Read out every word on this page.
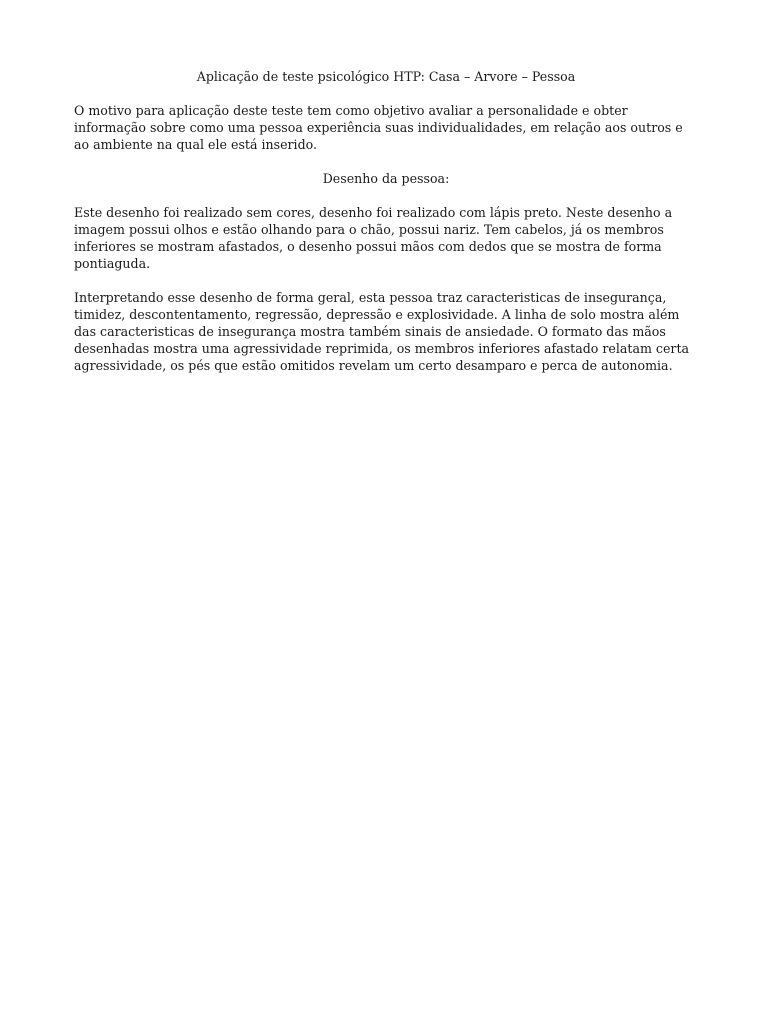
Aplicação de teste psicológico HTP: Casa – Arvore – Pessoa

O motivo para aplicação deste teste tem como objetivo avaliar a personalidade e obter informação sobre como uma pessoa experiência suas individualidades, em relação aos outros e ao ambiente na qual ele está inserido.

Desenho da pessoa:

Este desenho foi realizado sem cores, desenho foi realizado com lápis preto. Neste desenho a imagem possui olhos e estão olhando para o chão, possui nariz. Tem cabelos, já os membros inferiores se mostram afastados, o desenho possui mãos com dedos que se mostra de forma pontiaguda.

Interpretando esse desenho de forma geral, esta pessoa traz caracteristicas de insegurança, timidez, descontentamento, regressão, depressão e explosividade. A linha de solo mostra além das caracteristicas de insegurança mostra também sinais de ansiedade. O formato das mãos desenhadas mostra uma agressividade reprimida, os membros inferiores afastado relatam certa agressividade, os pés que estão omitidos revelam um certo desamparo e perca de autonomia.
